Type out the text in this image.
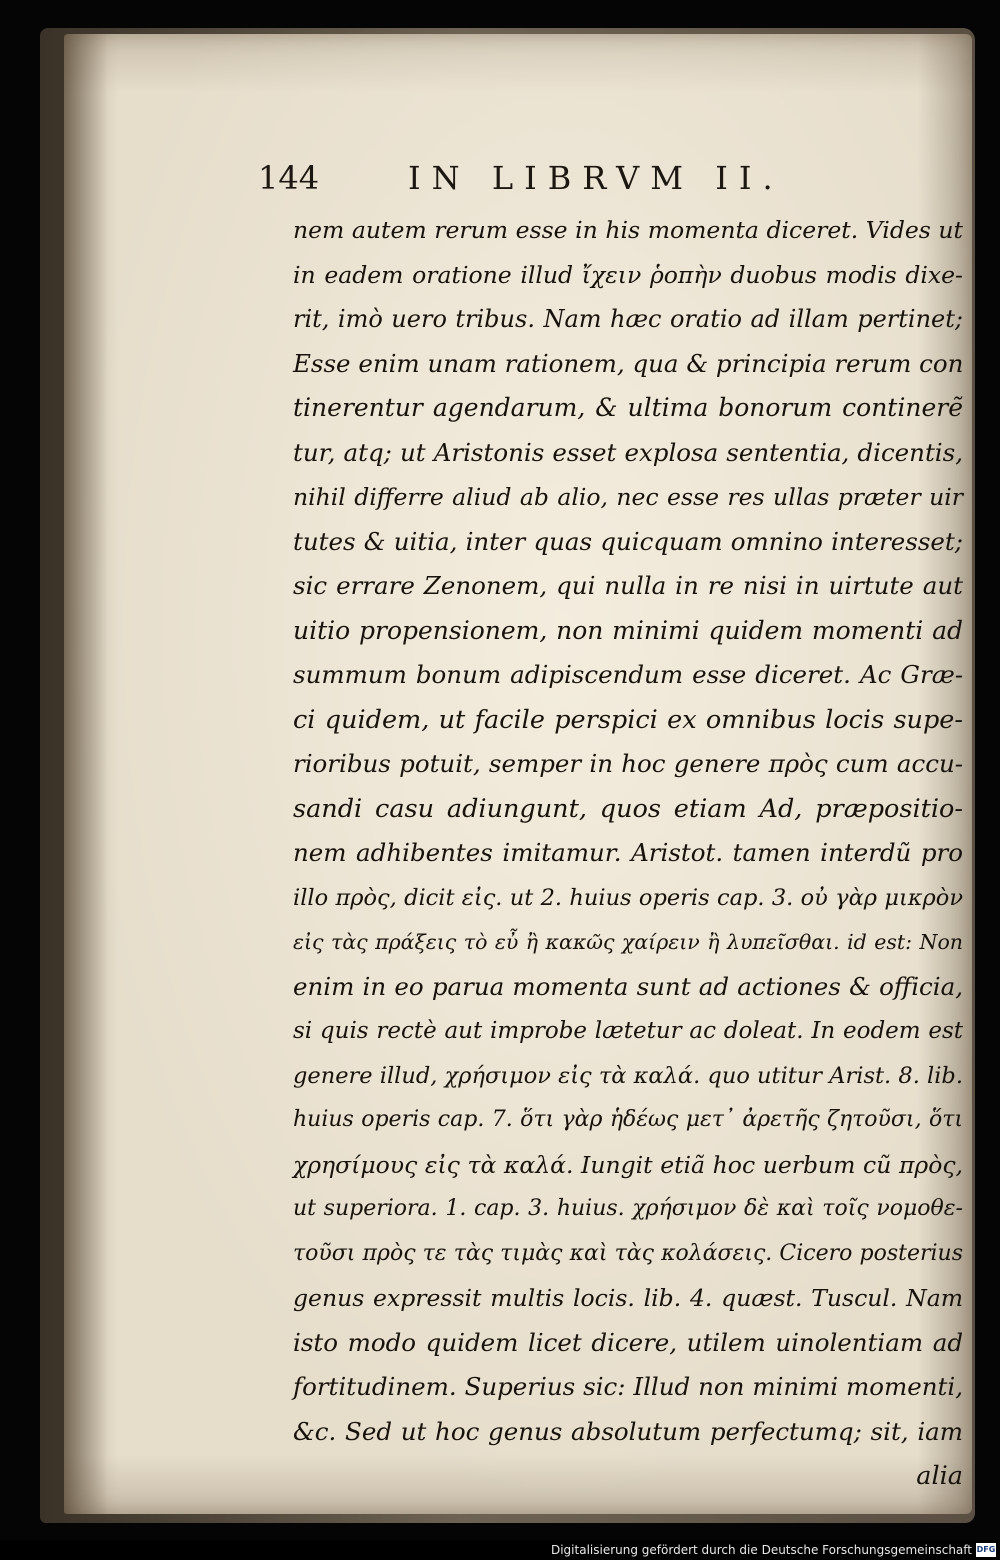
144	IN LIBRVM II.
nem autem rerum esse in his momenta diceret. Vides ut
in eadem oratione illud ἴχειν ῥοπὴν duobus modis dixe-
rit, imò uero tribus. Nam hæc oratio ad illam pertinet;
Esse enim unam rationem, qua & principia rerum con
tinerentur agendarum, & ultima bonorum continerẽ
tur, atq; ut Aristonis esset explosa sententia, dicentis,
nihil differre aliud ab alio, nec esse res ullas præter uir
tutes & uitia, inter quas quicquam omnino interesset;
sic errare Zenonem, qui nulla in re nisi in uirtute aut
uitio propensionem, non minimi quidem momenti ad
summum bonum adipiscendum esse diceret. Ac Græ-
ci quidem, ut facile perspici ex omnibus locis supe-
rioribus potuit, semper in hoc genere πρὸς cum accu-
sandi casu adiungunt, quos etiam Ad, præpositio-
nem adhibentes imitamur. Aristot. tamen interdũ pro
illo πρὸς, dicit εἰς. ut 2. huius operis cap. 3. οὐ γὰρ μικρὸν
εἰς τὰς πράξεις τὸ εὖ ἢ κακῶς χαίρειν ἢ λυπεῖσθαι. id est: Non
enim in eo parua momenta sunt ad actiones & officia,
si quis rectè aut improbe lætetur ac doleat. In eodem est
genere illud, χρήσιμον εἰς τὰ καλά. quo utitur Arist. 8. lib.
huius operis cap. 7. ὅτι γὰρ ἡδέως μετ᾽ ἀρετῆς ζητοῦσι, ὅτι
χρησίμους εἰς τὰ καλά. Iungit etiã hoc uerbum cũ πρὸς,
ut superiora. 1. cap. 3. huius. χρήσιμον δὲ καὶ τοῖς νομοθε-
τοῦσι πρὸς τε τὰς τιμὰς καὶ τὰς κολάσεις. Cicero posterius
genus expressit multis locis. lib. 4. quæst. Tuscul. Nam
isto modo quidem licet dicere, utilem uinolentiam ad
fortitudinem. Superius sic: Illud non minimi momenti,
&c. Sed ut hoc genus absolutum perfectumq; sit, iam
alia
Digitalisierung gefördert durch die Deutsche Forschungsgemeinschaft DFG
